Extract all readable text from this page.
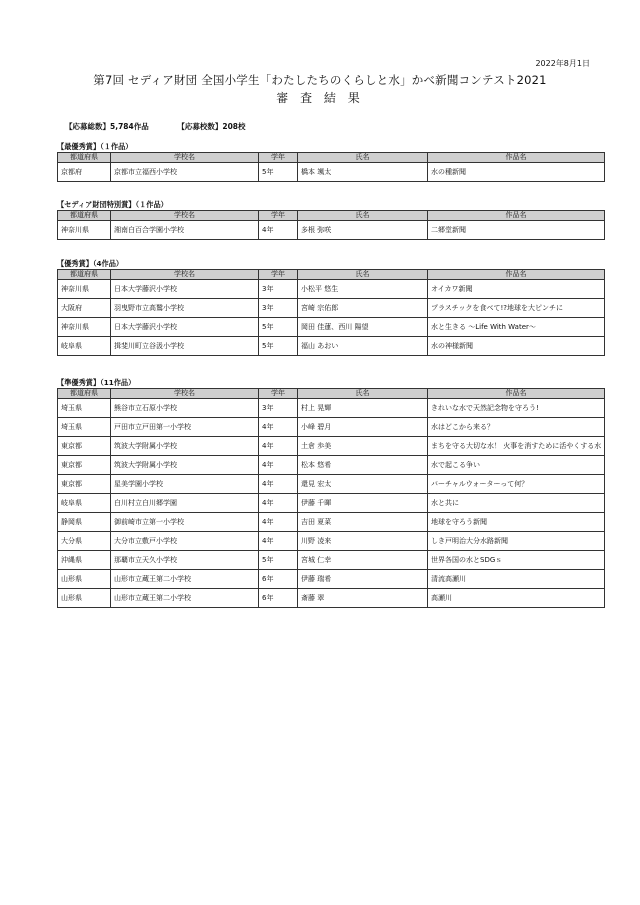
2022年8月1日
第7回 セディア財団 全国小学生「わたしたちのくらしと水」かべ新聞コンテスト2021
審 査 結 果
【応募総数】5,784作品	【応募校数】208校
【最優秀賞】（１作品）
都道府県	学校名	学年	氏名	作品名
京都府	京都市立福西小学校	5年	橋本 颯太	水の種新聞
【セディア財団特別賞】（１作品）
都道府県	学校名	学年	氏名	作品名
神奈川県	湘南白百合学園小学校	4年	多根 弥咲	二郷堂新聞
【優秀賞】（4作品）
都道府県	学校名	学年	氏名	作品名
神奈川県	日本大学藤沢小学校	3年	小松平 悠生	オイカワ新聞
大阪府	羽曳野市立高鷲小学校	3年	宮崎 宗佑郎	プラスチックを食べて!?地球を大ピンチに
神奈川県	日本大学藤沢小学校	5年	岡田 佳蓮、西川 陽望	水と生きる ～Life With Water～
岐阜県	揖斐川町立谷汲小学校	5年	福山 あおい	水の神様新聞
【準優秀賞】（11作品）
都道府県	学校名	学年	氏名	作品名
埼玉県	熊谷市立石原小学校	3年	村上 晃輝	きれいな水で天然記念物を守ろう!
埼玉県	戸田市立戸田第一小学校	4年	小峰 碧月	水はどこから来る？
東京都	筑波大学附属小学校	4年	土倉 歩美	まちを守る大切な水！ 火事を消すために活やくする水
東京都	筑波大学附属小学校	4年	松本 悠希	水で起こる争い
東京都	星美学園小学校	4年	還見 宏太	バーチャルウォーターって何？
岐阜県	白川村立白川郷学園	4年	伊藤 千暉	水と共に
静岡県	御前崎市立第一小学校	4年	吉田 夏菜	地球を守ろう新聞
大分県	大分市立敷戸小学校	4年	川野 凌来	しき戸明治大分水路新聞
沖縄県	那覇市立天久小学校	5年	宮城 仁幸	世界各国の水とSDGｓ
山形県	山形市立蔵王第二小学校	6年	伊藤 瑞希	清流高瀬川
山形県	山形市立蔵王第二小学校	6年	斎藤 翠	高瀬川
